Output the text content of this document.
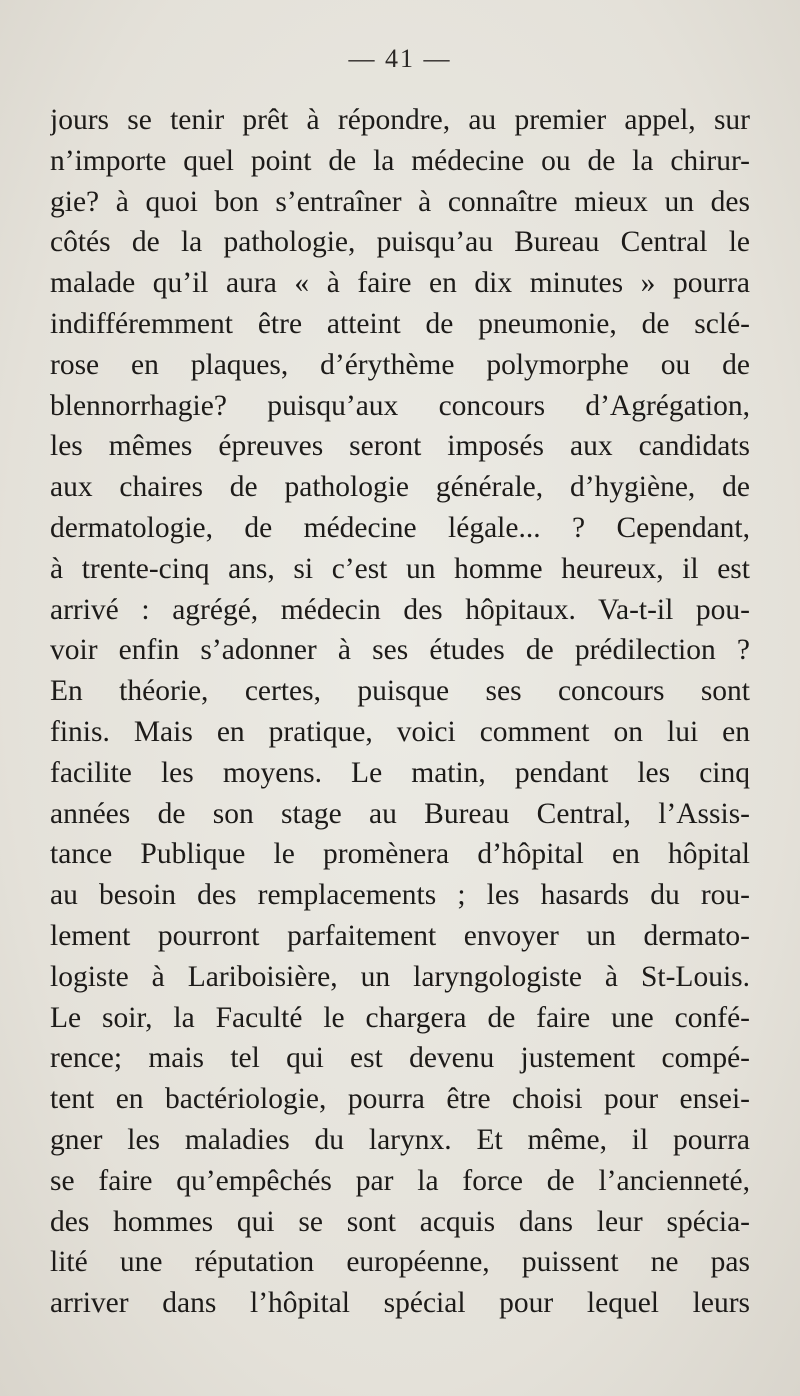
— 41 —
jours se tenir prêt à répondre, au premier appel, sur
n’importe quel point de la médecine ou de la chirur-
gie? à quoi bon s’entraîner à connaître mieux un des
côtés de la pathologie, puisqu’au Bureau Central le
malade qu’il aura « à faire en dix minutes » pourra
indifféremment être atteint de pneumonie, de sclé-
rose en plaques, d’érythème polymorphe ou de
blennorrhagie? puisqu’aux concours d’Agrégation,
les mêmes épreuves seront imposés aux candidats
aux chaires de pathologie générale, d’hygiène, de
dermatologie, de médecine légale... ? Cependant,
à trente-cinq ans, si c’est un homme heureux, il est
arrivé : agrégé, médecin des hôpitaux. Va-t-il pou-
voir enfin s’adonner à ses études de prédilection ?
En théorie, certes, puisque ses concours sont
finis. Mais en pratique, voici comment on lui en
facilite les moyens. Le matin, pendant les cinq
années de son stage au Bureau Central, l’Assis-
tance Publique le promènera d’hôpital en hôpital
au besoin des remplacements ; les hasards du rou-
lement pourront parfaitement envoyer un dermato-
logiste à Lariboisière, un laryngologiste à St-Louis.
Le soir, la Faculté le chargera de faire une confé-
rence; mais tel qui est devenu justement compé-
tent en bactériologie, pourra être choisi pour ensei-
gner les maladies du larynx. Et même, il pourra
se faire qu’empêchés par la force de l’ancienneté,
des hommes qui se sont acquis dans leur spécia-
lité une réputation européenne, puissent ne pas
arriver dans l’hôpital spécial pour lequel leurs
